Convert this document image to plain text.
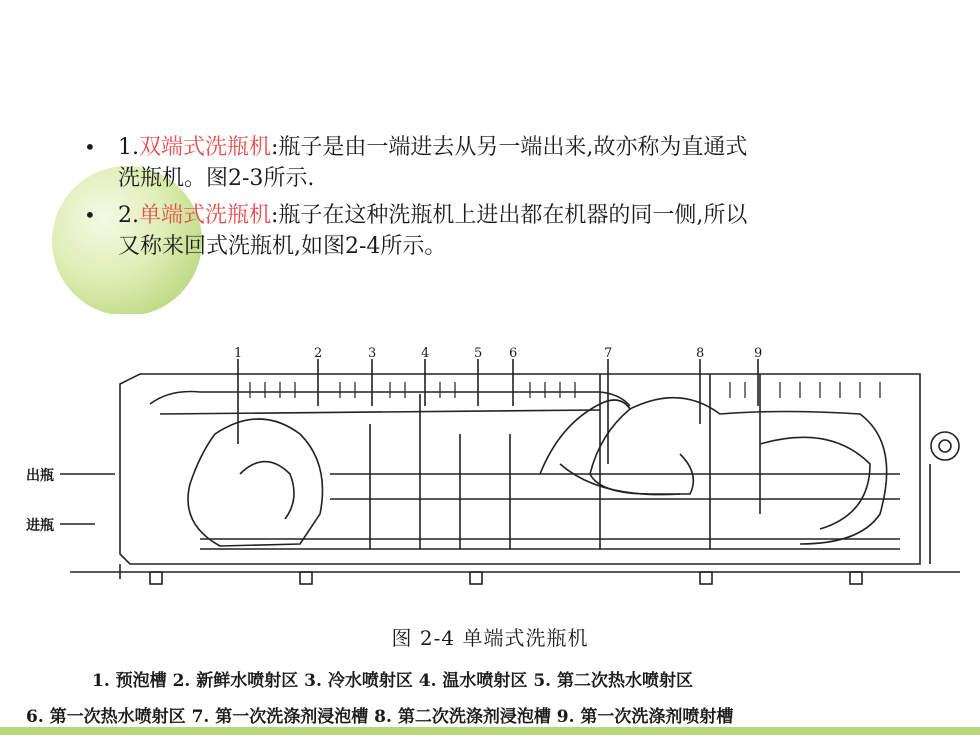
• 1.双端式洗瓶机:瓶子是由一端进去从另一端出来,故亦称为直通式
洗瓶机。图2-3所示.
• 2.单端式洗瓶机:瓶子在这种洗瓶机上进出都在机器的同一侧,所以
又称来回式洗瓶机,如图2-4所示。
1	2	3	4	5 6	7	8	9
出瓶
进瓶
图 2-4 单端式洗瓶机
1. 预泡槽 2. 新鲜水喷射区 3. 冷水喷射区 4. 温水喷射区 5. 第二次热水喷射区
6. 第一次热水喷射区 7. 第一次洗涤剂浸泡槽 8. 第二次洗涤剂浸泡槽 9. 第一次洗涤剂喷射槽
